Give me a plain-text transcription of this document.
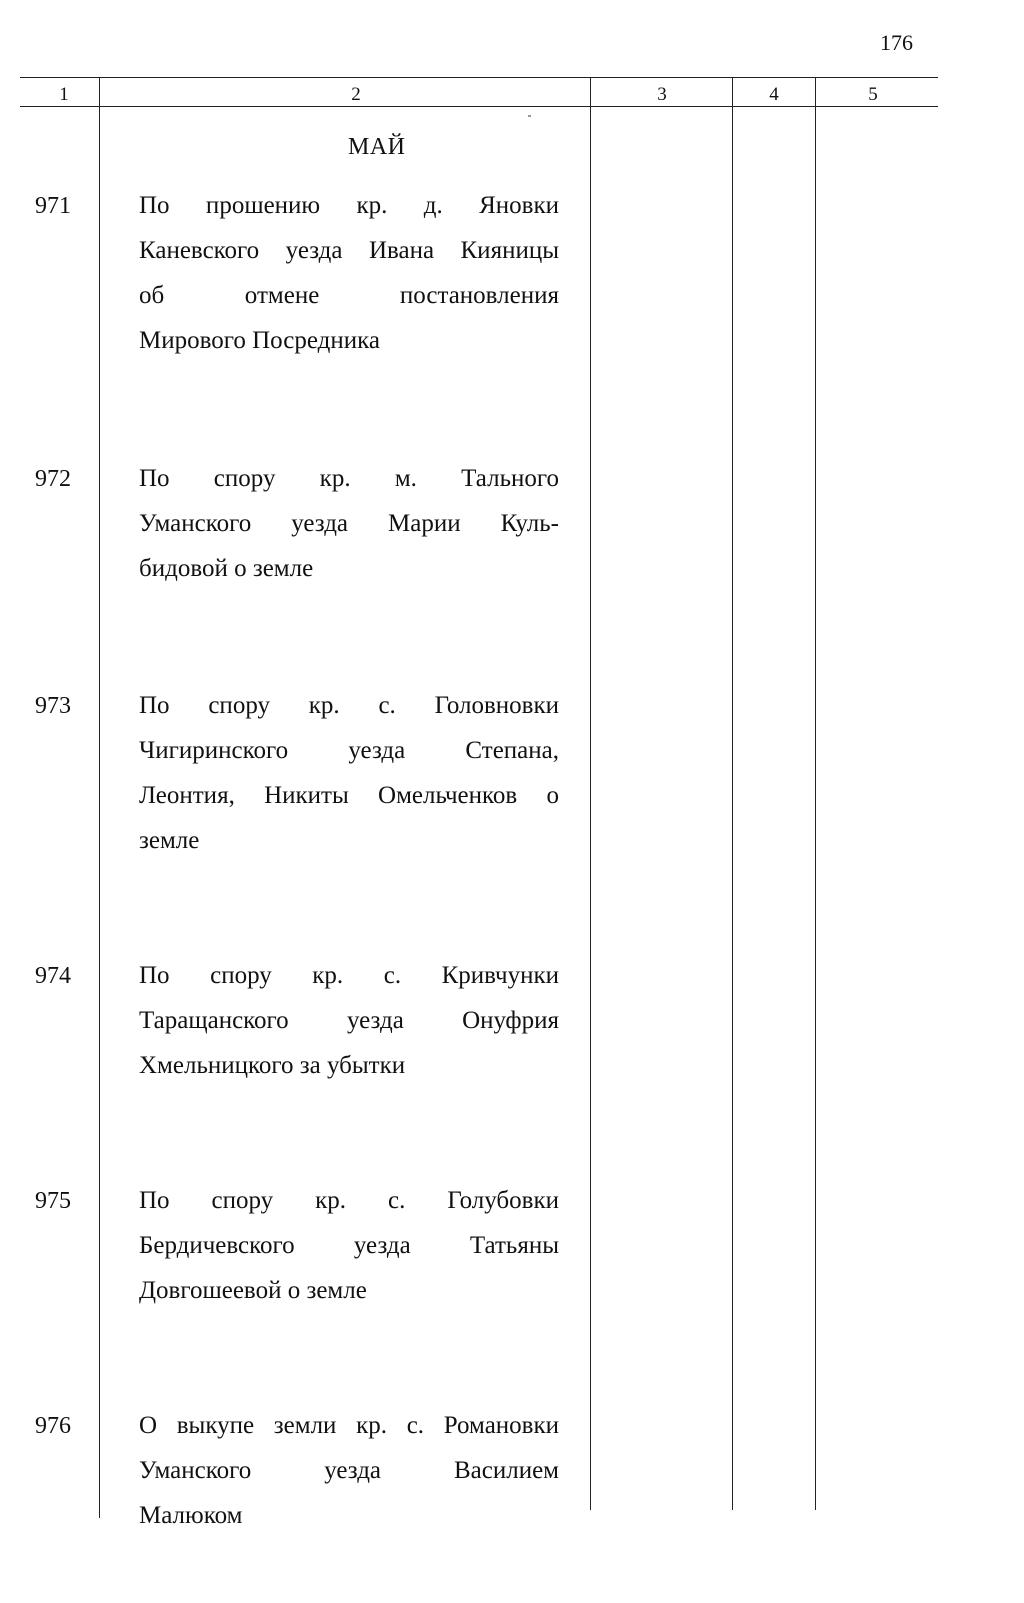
176
1	2	3	4	5
МАЙ
971	По прошению кр. д. Яновки
Каневского уезда Ивана Кияницы
об отмене постановления
Мирового Посредника
972	По спору кр. м. Тального
Уманского уезда Марии Куль-
бидовой о земле
973	По спору кр. с. Головновки
Чигиринского уезда Степана,
Леонтия, Никиты Омельченков о
земле
974	По спору кр. с. Кривчунки
Таращанского уезда Онуфрия
Хмельницкого за убытки
975	По спору кр. с. Голубовки
Бердичевского уезда Татьяны
Довгошеевой о земле
976	О выкупе земли кр. с. Романовки
Уманского уезда Василием
Малюком
